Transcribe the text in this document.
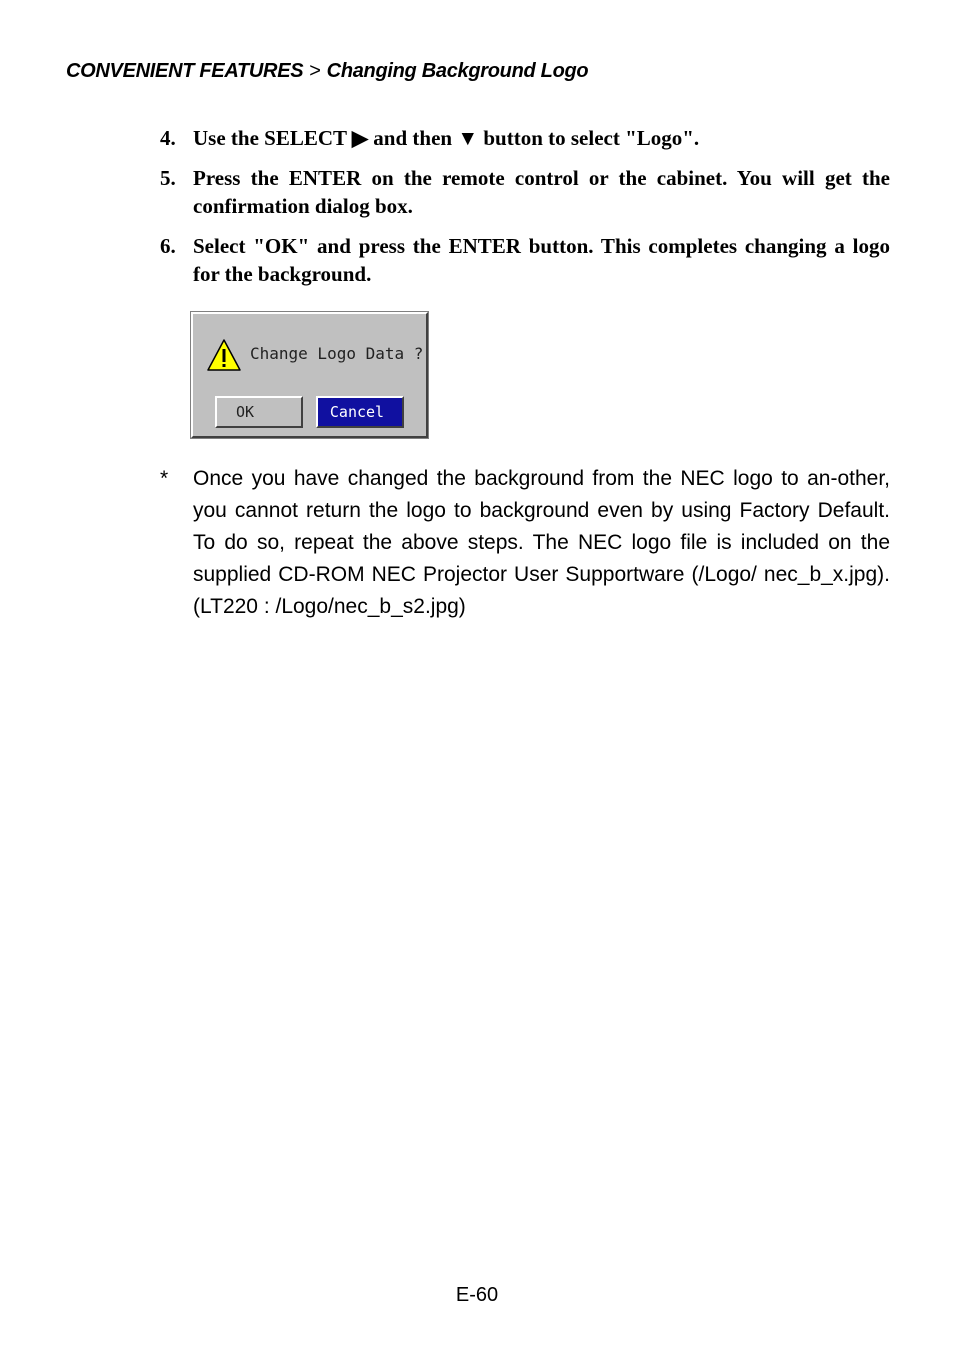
CONVENIENT FEATURES > Changing Background Logo
4. Use the SELECT ▶ and then ▼ button to select "Logo".
5. Press the ENTER on the remote control or the cabinet. You will get the confirmation dialog box.
6. Select "OK" and press the ENTER button. This completes changing a logo for the background.
Change Logo Data ?
OK	Cancel
*	Once you have changed the background from the NEC logo to an-other, you cannot return the logo to background even by using Factory Default. To do so, repeat the above steps. The NEC logo file is included on the supplied CD-ROM NEC Projector User Supportware (/Logo/ nec_b_x.jpg). (LT220 : /Logo/nec_b_s2.jpg)
E-60
